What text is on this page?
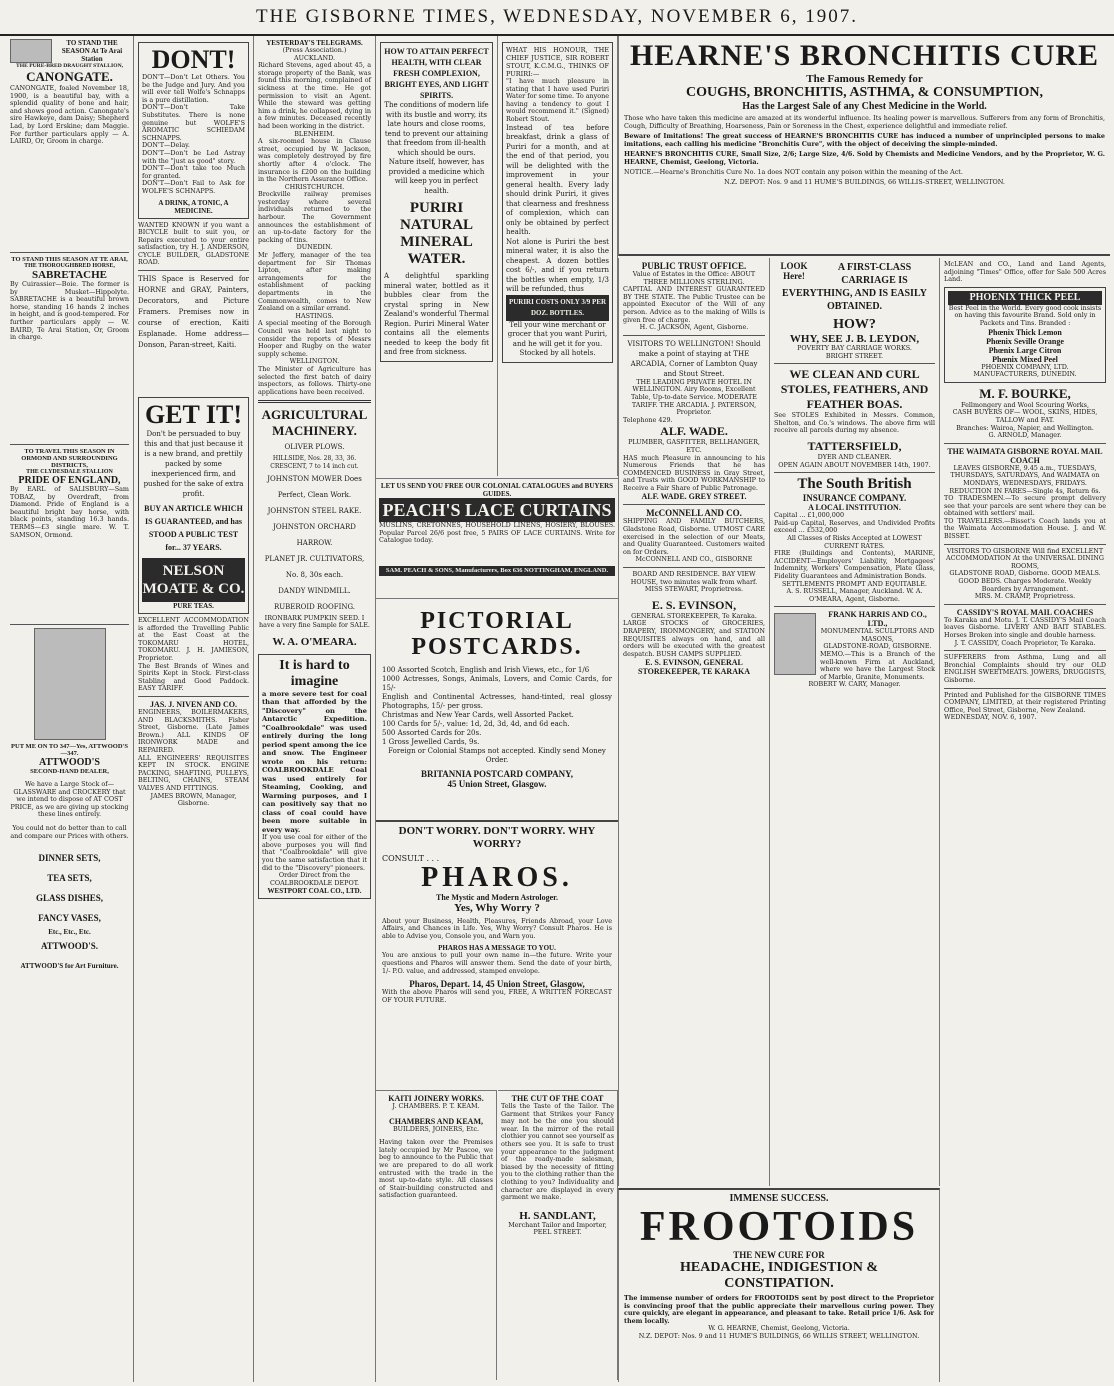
THE GISBORNE TIMES, WEDNESDAY, NOVEMBER 6, 1907.
TO STAND THE SEASON At Te Arai Station
THE PURE-BRED DRAUGHT STALLION,
CANONGATE.
CANONGATE, foaled November 18, 1900, is a beautiful bay, with a splendid quality of bone and hair, and shows good action. Canongate's sire Hawkeye, dam Daisy; Shepherd Lad, by Lord Erskine; dam Maggie. For further particulars apply — A. LAIRD, Or, Groom in charge.
TO STAND THIS SEASON AT TE ARAI,
THE THOROUGHBRED HORSE,
SABRETACHE
By Cuirassier—Boie. The former is by Musket—Hippolyte. SABRETACHE is a beautiful brown horse, standing 16 hands 2 inches in height, and is good-tempered. For further particulars apply — W. BAIRD, Te Arai Station, Or, Groom in charge.
TO TRAVEL THIS SEASON IN ORMOND AND SURROUNDING DISTRICTS,
THE CLYDESDALE STALLION
PRIDE OF ENGLAND,
By EARL of SALISBURY—Sam TOBAZ, by Overdraft, from Diamond. Pride of England is a beautiful bright bay horse, with black points, standing 16.3 hands. TERMS—£3 single mare. W. T. SAMSON, Ormond.
PUT ME ON TO 347—Yes, ATTWOOD'S—347.
ATTWOOD'S
SECOND-HAND DEALER,
We have a Large Stock of— GLASSWARE and CROCKERY that we intend to dispose of AT COST PRICE, as we are giving up stocking these lines entirely.
You could not do better than to call and compare our Prices with others.
DINNER SETS,
TEA SETS,
GLASS DISHES,
FANCY VASES,
Etc., Etc., Etc.
ATTWOOD'S.
ATTWOOD'S for Art Furniture.
DONT!
DON'T—Don't Let Others. You be the Judge and Jury. And you will ever tell Wolfe's Schnapps is a pure distillation.
DON'T—Don't Take Substitutes. There is none genuine but WOLFE'S AROMATIC SCHIEDAM SCHNAPPS.
DON'T—Delay.
DON'T—Don't be Led Astray with the "just as good" story.
DON'T—Don't take too Much for granted.
DON'T—Don't Fail to Ask for WOLFE'S SCHNAPPS.
A DRINK, A TONIC, A MEDICINE.
WANTED KNOWN if you want a BICYCLE built to suit you, or Repairs executed to your entire satisfaction, try H. J. ANDERSON, CYCLE BUILDER, GLADSTONE ROAD.
THIS Space is Reserved for HORNE and GRAY, Painters, Decorators, and Picture Framers. Premises now in course of erection, Kaiti Esplanade. Home address—Donson, Paran-street, Kaiti.
GET IT!
Don't be persuaded to buy this and that just because it is a new brand, and prettily packed by some inexperienced firm, and pushed for the sake of extra profit.
BUY AN ARTICLE WHICH IS GUARANTEED, and has STOOD A PUBLIC TEST for... 37 YEARS.
NELSON MOATE & CO.
PURE TEAS.
EXCELLENT ACCOMMODATION is afforded the Travelling Public at the East Coast at the TOKOMARU HOTEL, TOKOMARU. J. H. JAMIESON, Proprietor.
The Best Brands of Wines and Spirits Kept in Stock. First-class Stabling and Good Paddock. EASY TARIFF.
JAS. J. NIVEN AND CO.
ENGINEERS, BOILERMAKERS, AND BLACKSMITHS. Fisher Street, Gisborne. (Late James Brown.) ALL KINDS OF IRONWORK MADE and REPAIRED.
ALL ENGINEERS' REQUISITES KEPT IN STOCK. ENGINE PACKING, SHAFTING, PULLEYS, BELTING, CHAINS, STEAM VALVES AND FITTINGS.
JAMES BROWN, Manager, Gisborne.
YESTERDAY'S TELEGRAMS.
(Press Association.)
AUCKLAND.
Richard Stevens, aged about 45, a storage property of the Bank, was found this morning, complained of sickness at the time. He got permission to visit an Agent. While the steward was getting him a drink, he collapsed, dying in a few minutes. Deceased recently had been working in the district.
BLENHEIM.
A six-roomed house in Clause street, occupied by W. Jackson, was completely destroyed by fire shortly after 4 o'clock. The insurance is £200 on the building in the Northern Assurance Office.
CHRISTCHURCH.
Brockville railway premises yesterday where several individuals returned to the harbour. The Government announces the establishment of an up-to-date factory for the packing of tins.
DUNEDIN.
Mr Jeffery, manager of the tea department for Sir Thomas Lipton, after making arrangements for the establishment of packing departments in the Commonwealth, comes to New Zealand on a similar errand.
HASTINGS.
A special meeting of the Borough Council was held last night to consider the reports of Messrs Hooper and Rugby on the water supply scheme.
WELLINGTON.
The Minister of Agriculture has selected the first batch of dairy inspectors, as follows. Thirty-one applications have been received.
AGRICULTURAL MACHINERY.
OLIVER PLOWS.
HILLSIDE, Nos. 28, 33, 36. CRESCENT, 7 to 14 inch cut.
JOHNSTON MOWER Does Perfect, Clean Work.
JOHNSTON STEEL RAKE.
JOHNSTON ORCHARD HARROW.
PLANET JR. CULTIVATORS, No. 8, 30s each.
DANDY WINDMILL.
RUBEROID ROOFING.
IRONBARK PUMPKIN SEED. I have a very fine Sample for SALE.
W. A. O'MEARA.
It is hard to imagine
a more severe test for coal than that afforded by the "Discovery" on the Antarctic Expedition. "Coalbrookdale" was used entirely during the long period spent among the ice and snow. The Engineer wrote on his return: COALBROOKDALE Coal was used entirely for Steaming, Cooking, and Warming purposes, and I can positively say that no class of coal could have been more suitable in every way.
If you use coal for either of the above purposes you will find that "Coalbrookdale" will give you the same satisfaction that it did to the "Discovery" pioneers.
Order Direct from the COALBROOKDALE DEPOT.
WESTPORT COAL CO., LTD.
HOW TO ATTAIN PERFECT HEALTH, WITH CLEAR FRESH COMPLEXION, BRIGHT EYES, AND LIGHT SPIRITS.
The conditions of modern life with its bustle and worry, its late hours and close rooms, tend to prevent our attaining that freedom from ill-health which should be ours. Nature itself, however, has provided a medicine which will keep you in perfect health.
PURIRI NATURAL MINERAL WATER.
A delightful sparkling mineral water, bottled as it bubbles clear from the crystal spring in New Zealand's wonderful Thermal Region. Puriri Mineral Water contains all the elements needed to keep the body fit and free from sickness.
WHAT HIS HONOUR, THE CHIEF JUSTICE, SIR ROBERT STOUT, K.C.M.G., THINKS OF PURIRI:—
"I have much pleasure in stating that I have used Puriri Water for some time. To anyone having a tendency to gout I would recommend it." (Signed) Robert Stout.
Instead of tea before breakfast, drink a glass of Puriri for a month, and at the end of that period, you will be delighted with the improvement in your general health. Every lady should drink Puriri, it gives that clearness and freshness of complexion, which can only be obtained by perfect health.
Not alone is Puriri the best mineral water, it is also the cheapest. A dozen bottles cost 6/-, and if you return the bottles when empty, 1/3 will be refunded, thus
PURIRI COSTS ONLY 3/9 PER DOZ. BOTTLES.
Tell your wine merchant or grocer that you want Puriri, and he will get it for you. Stocked by all hotels.
LET US SEND YOU FREE OUR COLONIAL CATALOGUES and BUYERS GUIDES.
PEACH'S LACE CURTAINS
MUSLINS, CRETONNES, HOUSEHOLD LINENS, HOSIERY, BLOUSES. Popular Parcel 26/6 post free, 5 PAIRS OF LACE CURTAINS. Write for Catalogue today.
SAM. PEACH & SONS, Manufacturers, Box 636 NOTTINGHAM, ENGLAND.
PICTORIAL POSTCARDS.
100 Assorted Scotch, English and Irish Views, etc., for 1/6
1000 Actresses, Songs, Animals, Lovers, and Comic Cards, for 15/-
English and Continental Actresses, hand-tinted, real glossy Photographs, 15/- per gross.
Christmas and New Year Cards, well Assorted Packet.
100 Cards for 5/-, value: 1d, 2d, 3d, 4d, and 6d each.
500 Assorted Cards for 20s.
1 Gross Jewelled Cards, 9s.
Foreign or Colonial Stamps not accepted. Kindly send Money Order.
BRITANNIA POSTCARD COMPANY,
45 Union Street, Glasgow.
DON'T WORRY. DON'T WORRY. WHY WORRY?
CONSULT . . .
PHAROS.
The Mystic and Modern Astrologer.
Yes, Why Worry ?
About your Business, Health, Pleasures, Friends Abroad, your Love Affairs, and Chances in Life. Yes, Why Worry? Consult Pharos. He is able to Advise you, Console you, and Warn you.
PHAROS HAS A MESSAGE TO YOU.
You are anxious to pull your own name in—the future. Write your questions and Pharos will answer them. Send the date of your birth, 1/- P.O. value, and addressed, stamped envelope.
Pharos, Depart. 14, 45 Union Street, Glasgow,
With the above Pharos will send you, FREE, A WRITTEN FORECAST OF YOUR FUTURE.
KAITI JOINERY WORKS.
J. CHAMBERS. P. T. KEAM.
CHAMBERS AND KEAM,
BUILDERS, JOINERS, Etc.
Having taken over the Premises lately occupied by Mr Pascoe, we beg to announce to the Public that we are prepared to do all work entrusted with the trade in the most up-to-date style. All classes of Stair-building constructed and satisfaction guaranteed.
THE CUT OF THE COAT
Tells the Taste of the Tailor. The Garment that Strikes your Fancy may not be the one you should wear. In the mirror of the retail clothier you cannot see yourself as others see you. It is safe to trust your appearance to the judgment of the ready-made salesman, biased by the necessity of fitting you to the clothing rather than the clothing to you? Individuality and character are displayed in every garment we make.
H. SANDLANT,
Merchant Tailor and Importer,
PEEL STREET.
HEARNE'S BRONCHITIS CURE
The Famous Remedy for
COUGHS, BRONCHITIS, ASTHMA, & CONSUMPTION,
Has the Largest Sale of any Chest Medicine in the World.
Those who have taken this medicine are amazed at its wonderful influence. Its healing power is marvellous. Sufferers from any form of Bronchitis, Cough, Difficulty of Breathing, Hoarseness, Pain or Soreness in the Chest, experience delightful and immediate relief.
Beware of Imitations! The great success of HEARNE'S BRONCHITIS CURE has induced a number of unprincipled persons to make imitations, each calling his medicine "Bronchitis Cure", with the object of deceiving the simple-minded.
HEARNE'S BRONCHITIS CURE, Small Size, 2/6; Large Size, 4/6. Sold by Chemists and Medicine Vendors, and by the Proprietor, W. G. HEARNE, Chemist, Geelong, Victoria.
NOTICE.—Hearne's Bronchitis Cure No. 1a does NOT contain any poison within the meaning of the Act.
N.Z. DEPOT: Nos. 9 and 11 HUME'S BUILDINGS, 66 WILLIS-STREET, WELLINGTON.
PUBLIC TRUST OFFICE.
Value of Estates in the Office: ABOUT THREE MILLIONS STERLING.
CAPITAL AND INTEREST GUARANTEED BY THE STATE. The Public Trustee can be appointed Executor of the Will of any person. Advice as to the making of Wills is given free of charge.
H. C. JACKSON, Agent, Gisborne.
VISITORS TO WELLINGTON! Should make a point of staying at THE ARCADIA, Corner of Lambton Quay and Stout Street.
THE LEADING PRIVATE HOTEL IN WELLINGTON. Airy Rooms, Excellent Table, Up-to-date Service. MODERATE TARIFF. THE ARCADIA. J. PATERSON, Proprietor.
Telephone 429.
ALF. WADE.
PLUMBER, GASFITTER, BELLHANGER, ETC.
HAS much Pleasure in announcing to his Numerous Friends that he has COMMENCED BUSINESS in Gray Street, and Trusts with GOOD WORKMANSHIP to Receive a Fair Share of Public Patronage.
ALF. WADE. GREY STREET.
McCONNELL AND CO.
SHIPPING AND FAMILY BUTCHERS, Gladstone Road, Gisborne. UTMOST CARE exercised in the selection of our Meats, and Quality Guaranteed. Customers waited on for Orders.
McCONNELL AND CO., GISBORNE
BOARD AND RESIDENCE. BAY VIEW HOUSE, two minutes walk from wharf. MISS STEWART, Proprietress.
E. S. EVINSON,
GENERAL STOREKEEPER, Te Karaka.
LARGE STOCKS of GROCERIES, DRAPERY, IRONMONGERY, and STATION REQUISITES always on hand, and all orders will be executed with the greatest despatch. BUSH CAMPS SUPPLIED.
E. S. EVINSON, GENERAL STOREKEEPER, TE KARAKA
LOOK Here!
A FIRST-CLASS CARRIAGE IS EVERYTHING, AND IS EASILY OBTAINED.
HOW?
WHY, SEE J. B. LEYDON,
POVERTY BAY CARRIAGE WORKS.
BRIGHT STREET.
WE CLEAN AND CURL STOLES, FEATHERS, AND FEATHER BOAS.
See STOLES Exhibited in Messrs. Common, Shelton, and Co.'s windows. The above firm will receive all parcels during my absence.
TATTERSFIELD,
DYER AND CLEANER.
OPEN AGAIN ABOUT NOVEMBER 14th, 1907.
The South British
INSURANCE COMPANY.
A LOCAL INSTITUTION.
Capital ... £1,000,000
Paid-up Capital, Reserves, and Undivided Profits exceed ... £532,000
All Classes of Risks Accepted at LOWEST CURRENT RATES.
FIRE (Buildings and Contents), MARINE, ACCIDENT—Employers' Liability, Mortgagees' Indemnity, Workers' Compensation, Plate Glass, Fidelity Guarantees and Administration Bonds.
SETTLEMENTS PROMPT AND EQUITABLE.
A. S. RUSSELL, Manager, Auckland. W. A. O'MEARA, Agent, Gisborne.
FRANK HARRIS AND CO., LTD.,
MONUMENTAL SCULPTORS AND MASONS,
GLADSTONE-ROAD, GISBORNE.
MEMO.—This is a Branch of the well-known Firm at Auckland, where we have the Largest Stock of Marble, Granite, Monuments.
ROBERT W. CARY, Manager.
McLEAN and CO., Land and Land Agents, adjoining "Times" Office, offer for Sale 500 Acres Land.
PHOENIX THICK PEEL
Best Peel in the World. Every good cook insists on having this favourite Brand. Sold only in Packets and Tins. Branded :
Phœnix Thick Lemon
Phœnix Seville Orange
Phœnix Large Citron
Phœnix Mixed Peel
PHOENIX COMPANY, LTD. MANUFACTURERS, DUNEDIN.
M. F. BOURKE,
Fellmongery and Wool Scouring Works,
CASH BUYERS OF— WOOL, SKINS, HIDES, TALLOW and FAT.
Branches: Wairoa, Napier, and Wellington.
G. ARNOLD, Manager.
THE WAIMATA GISBORNE ROYAL MAIL COACH
LEAVES GISBORNE, 9.45 a.m., TUESDAYS, THURSDAYS, SATURDAYS, And WAIMATA on MONDAYS, WEDNESDAYS, FRIDAYS.
REDUCTION IN FARES—Single 4s, Return 6s.
TO TRADESMEN.—To secure prompt delivery see that your parcels are sent where they can be obtained with settlers' mail.
TO TRAVELLERS.—Bisset's Coach lands you at the Waimata Accommodation House. J. and W. BISSET.
VISITORS TO GISBORNE Will find EXCELLENT ACCOMMODATION At the UNIVERSAL DINING ROOMS,
GLADSTONE ROAD, Gisborne. GOOD MEALS. GOOD BEDS. Charges Moderate. Weekly Boarders by Arrangement.
MRS. M. CRAMP, Proprietress.
CASSIDY'S ROYAL MAIL COACHES
To Karaka and Motu. J. T. CASSIDY'S Mail Coach leaves Gisborne. LIVERY AND BAIT STABLES. Horses Broken into single and double harness.
J. T. CASSIDY, Coach Proprietor, Te Karaka.
SUFFERERS from Asthma, Lung and all Bronchial Complaints should try our OLD ENGLISH SWEETMEATS. JOWERS, DRUGGISTS, Gisborne.
Printed and Published for the GISBORNE TIMES COMPANY, LIMITED, at their registered Printing Office, Peel Street, Gisborne, New Zealand.
WEDNESDAY, NOV. 6, 1907.
IMMENSE SUCCESS.
FROOTOIDS
THE NEW CURE FOR
HEADACHE, INDIGESTION & CONSTIPATION.
The immense number of orders for FROOTOIDS sent by post direct to the Proprietor is convincing proof that the public appreciate their marvellous curing power. They cure quickly, are elegant in appearance, and pleasant to take. Retail price 1/6. Ask for them locally.
W. G. HEARNE, Chemist, Geelong, Victoria.
N.Z. DEPOT: Nos. 9 and 11 HUME'S BUILDINGS, 66 WILLIS STREET, WELLINGTON.
